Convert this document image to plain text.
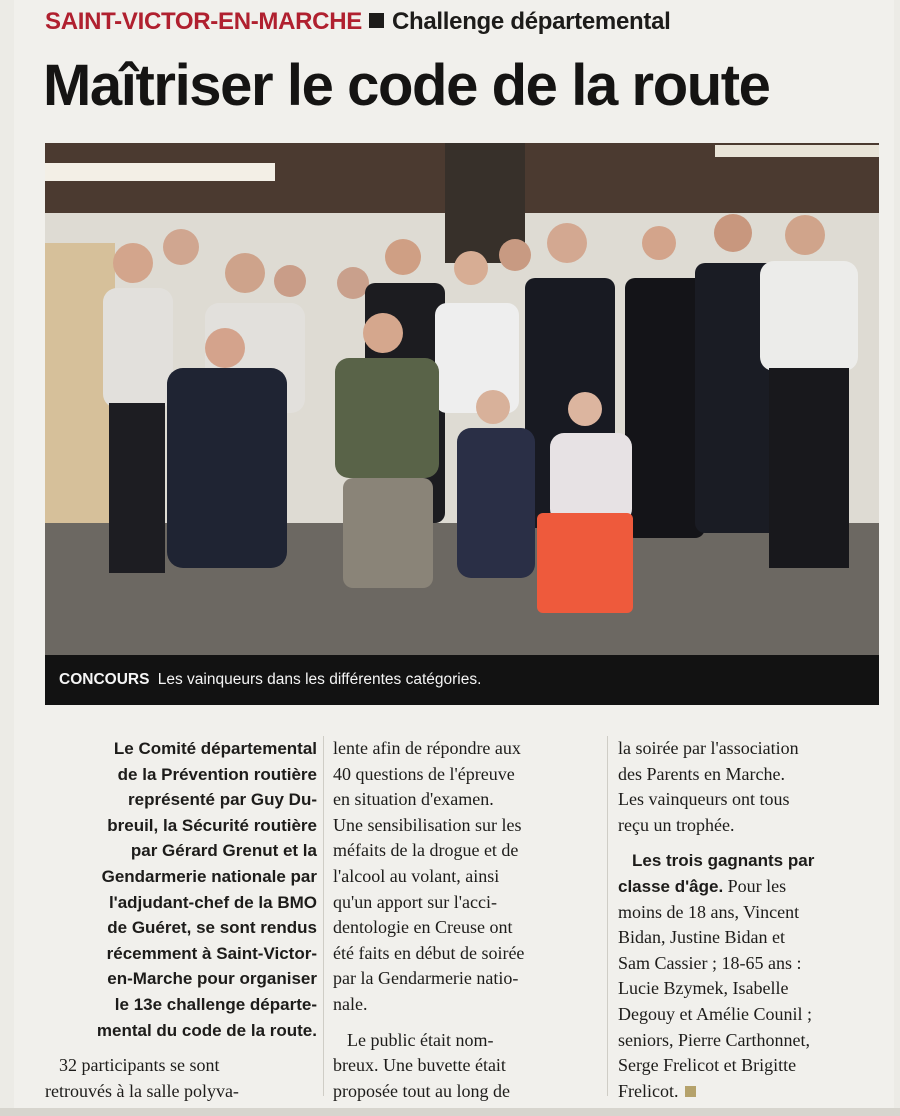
SAINT-VICTOR-EN-MARCHE Challenge départemental
Maîtriser le code de la route
CONCOURS Les vainqueurs dans les différentes catégories.

Le Comité départemental

de la Prévention routière

représenté par Guy Du-

breuil, la Sécurité routière

par Gérard Grenut et la

Gendarmerie nationale par

l'adjudant-chef de la BMO

de Guéret, se sont rendus

récemment à Saint-Victor-

en-Marche pour organiser

le 13e challenge départe-

mental du code de la route.

32 participants se sont

retrouvés à la salle polyva-

lente afin de répondre aux

40 questions de l'épreuve

en situation d'examen.

Une sensibilisation sur les

méfaits de la drogue et de

l'alcool au volant, ainsi

qu'un apport sur l'acci-

dentologie en Creuse ont

été faits en début de soirée

par la Gendarmerie natio-

nale.

Le public était nom-

breux. Une buvette était

proposée tout au long de

la soirée par l'association

des Parents en Marche.

Les vainqueurs ont tous

reçu un trophée.

Les trois gagnants par

classe d'âge. Pour les

moins de 18 ans, Vincent

Bidan, Justine Bidan et

Sam Cassier ; 18-65 ans :

Lucie Bzymek, Isabelle

Degouy et Amélie Counil ;

seniors, Pierre Carthonnet,

Serge Frelicot et Brigitte

Frelicot.
